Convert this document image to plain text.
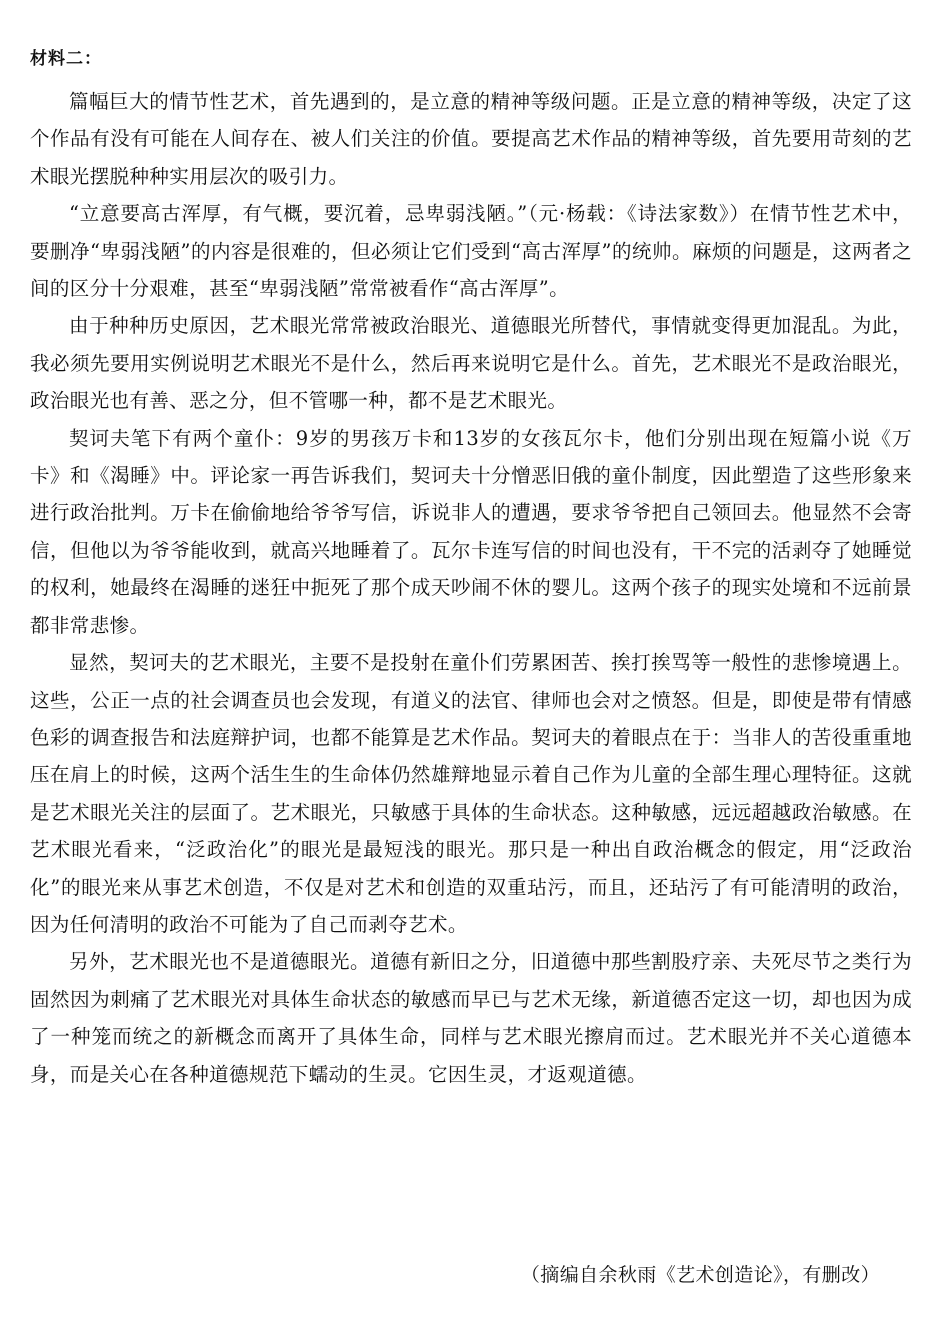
材料二：

篇幅巨大的情节性艺术，首先遇到的，是立意的精神等级问题。正是立意的精神等级，决定了这个作品有没有可能在人间存在、被人们关注的价值。要提高艺术作品的精神等级，首先要用苛刻的艺术眼光摆脱种种实用层次的吸引力。

“立意要高古浑厚，有气概，要沉着，忌卑弱浅陋。”（元·杨载：《诗法家数》）在情节性艺术中，要删净“卑弱浅陋”的内容是很难的，但必须让它们受到“高古浑厚”的统帅。麻烦的问题是，这两者之间的区分十分艰难，甚至“卑弱浅陋”常常被看作“高古浑厚”。

由于种种历史原因，艺术眼光常常被政治眼光、道德眼光所替代，事情就变得更加混乱。为此，我必须先要用实例说明艺术眼光不是什么，然后再来说明它是什么。首先，艺术眼光不是政治眼光，政治眼光也有善、恶之分，但不管哪一种，都不是艺术眼光。

契诃夫笔下有两个童仆：9岁的男孩万卡和13岁的女孩瓦尔卡，他们分别出现在短篇小说《万卡》和《渴睡》中。评论家一再告诉我们，契诃夫十分憎恶旧俄的童仆制度，因此塑造了这些形象来进行政治批判。万卡在偷偷地给爷爷写信，诉说非人的遭遇，要求爷爷把自己领回去。他显然不会寄信，但他以为爷爷能收到，就高兴地睡着了。瓦尔卡连写信的时间也没有，干不完的活剥夺了她睡觉的权利，她最终在渴睡的迷狂中扼死了那个成天吵闹不休的婴儿。这两个孩子的现实处境和不远前景都非常悲惨。

显然，契诃夫的艺术眼光，主要不是投射在童仆们劳累困苦、挨打挨骂等一般性的悲惨境遇上。这些，公正一点的社会调查员也会发现，有道义的法官、律师也会对之愤怒。但是，即使是带有情感色彩的调查报告和法庭辩护词，也都不能算是艺术作品。契诃夫的着眼点在于：当非人的苦役重重地压在肩上的时候，这两个活生生的生命体仍然雄辩地显示着自己作为儿童的全部生理心理特征。这就是艺术眼光关注的层面了。艺术眼光，只敏感于具体的生命状态。这种敏感，远远超越政治敏感。在艺术眼光看来，“泛政治化”的眼光是最短浅的眼光。那只是一种出自政治概念的假定，用“泛政治化”的眼光来从事艺术创造，不仅是对艺术和创造的双重玷污，而且，还玷污了有可能清明的政治，因为任何清明的政治不可能为了自己而剥夺艺术。

另外，艺术眼光也不是道德眼光。道德有新旧之分，旧道德中那些割股疗亲、夫死尽节之类行为固然因为刺痛了艺术眼光对具体生命状态的敏感而早已与艺术无缘，新道德否定这一切，却也因为成了一种笼而统之的新概念而离开了具体生命，同样与艺术眼光擦肩而过。艺术眼光并不关心道德本身，而是关心在各种道德规范下蠕动的生灵。它因生灵，才返观道德。

（摘编自余秋雨《艺术创造论》，有删改）
